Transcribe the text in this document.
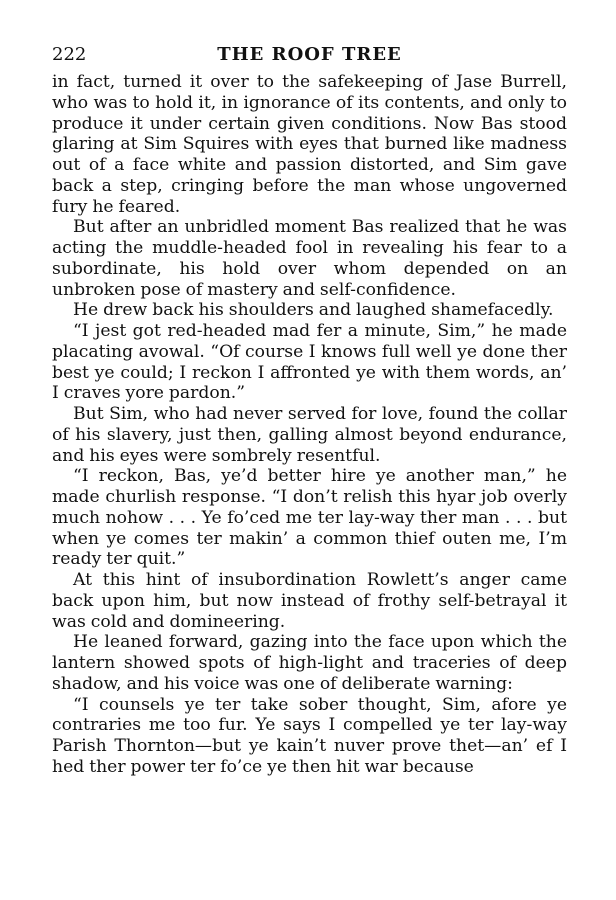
222	THE ROOF TREE

in fact, turned it over to the safekeeping of Jase Burrell, who was to hold it, in ignorance of its contents, and only to produce it under certain given conditions. Now Bas stood glaring at Sim Squires with eyes that burned like madness out of a face white and passion distorted, and Sim gave back a step, cringing before the man whose ungoverned fury he feared.

But after an unbridled moment Bas realized that he was acting the muddle-headed fool in revealing his fear to a subordinate, his hold over whom depended on an unbroken pose of mastery and self-confidence.

He drew back his shoulders and laughed shamefacedly.

“I jest got red-headed mad fer a minute, Sim,” he made placating avowal. “Of course I knows full well ye done ther best ye could; I reckon I affronted ye with them words, an’ I craves yore pardon.”

But Sim, who had never served for love, found the collar of his slavery, just then, galling almost beyond endurance, and his eyes were sombrely resentful.

“I reckon, Bas, ye’d better hire ye another man,” he made churlish response. “I don’t relish this hyar job overly much nohow . . . Ye fo’ced me ter lay-way ther man . . . but when ye comes ter makin’ a common thief outen me, I’m ready ter quit.”

At this hint of insubordination Rowlett’s anger came back upon him, but now instead of frothy self-betrayal it was cold and domineering.

He leaned forward, gazing into the face upon which the lantern showed spots of high-light and traceries of deep shadow, and his voice was one of deliberate warning:

“I counsels ye ter take sober thought, Sim, afore ye contraries me too fur. Ye says I compelled ye ter lay-way Parish Thornton—but ye kain’t nuver prove thet—an’ ef I hed ther power ter fo’ce ye then hit war because
